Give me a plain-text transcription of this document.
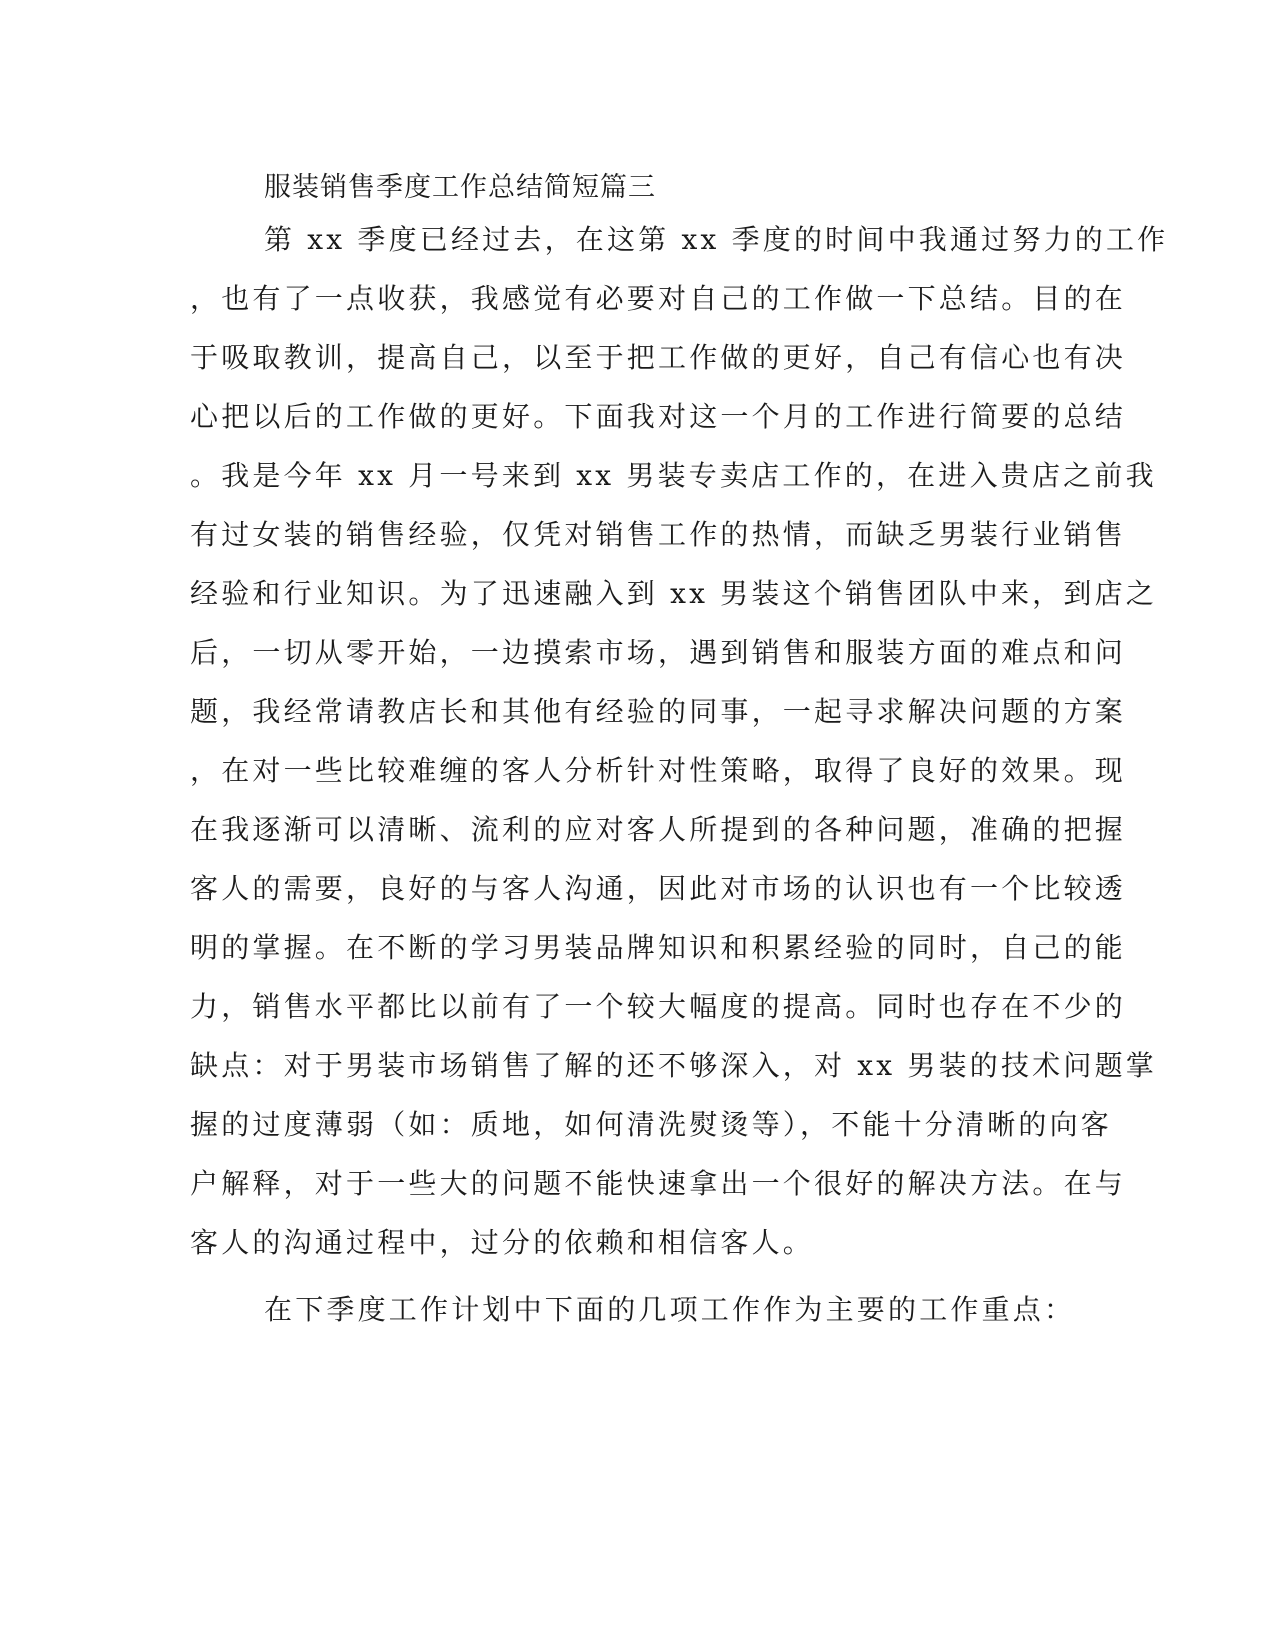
服装销售季度工作总结简短篇三
第 xx 季度已经过去，在这第 xx 季度的时间中我通过努力的工作
，也有了一点收获，我感觉有必要对自己的工作做一下总结。目的在
于吸取教训，提高自己，以至于把工作做的更好，自己有信心也有决
心把以后的工作做的更好。下面我对这一个月的工作进行简要的总结
。我是今年 xx 月一号来到 xx 男装专卖店工作的，在进入贵店之前我
有过女装的销售经验，仅凭对销售工作的热情，而缺乏男装行业销售
经验和行业知识。为了迅速融入到 xx 男装这个销售团队中来，到店之
后，一切从零开始，一边摸索市场，遇到销售和服装方面的难点和问
题，我经常请教店长和其他有经验的同事，一起寻求解决问题的方案
，在对一些比较难缠的客人分析针对性策略，取得了良好的效果。现
在我逐渐可以清晰、流利的应对客人所提到的各种问题，准确的把握
客人的需要，良好的与客人沟通，因此对市场的认识也有一个比较透
明的掌握。在不断的学习男装品牌知识和积累经验的同时，自己的能
力，销售水平都比以前有了一个较大幅度的提高。同时也存在不少的
缺点：对于男装市场销售了解的还不够深入，对 xx 男装的技术问题掌
握的过度薄弱（如：质地，如何清洗熨烫等），不能十分清晰的向客
户解释，对于一些大的问题不能快速拿出一个很好的解决方法。在与
客人的沟通过程中，过分的依赖和相信客人。
在下季度工作计划中下面的几项工作作为主要的工作重点：
